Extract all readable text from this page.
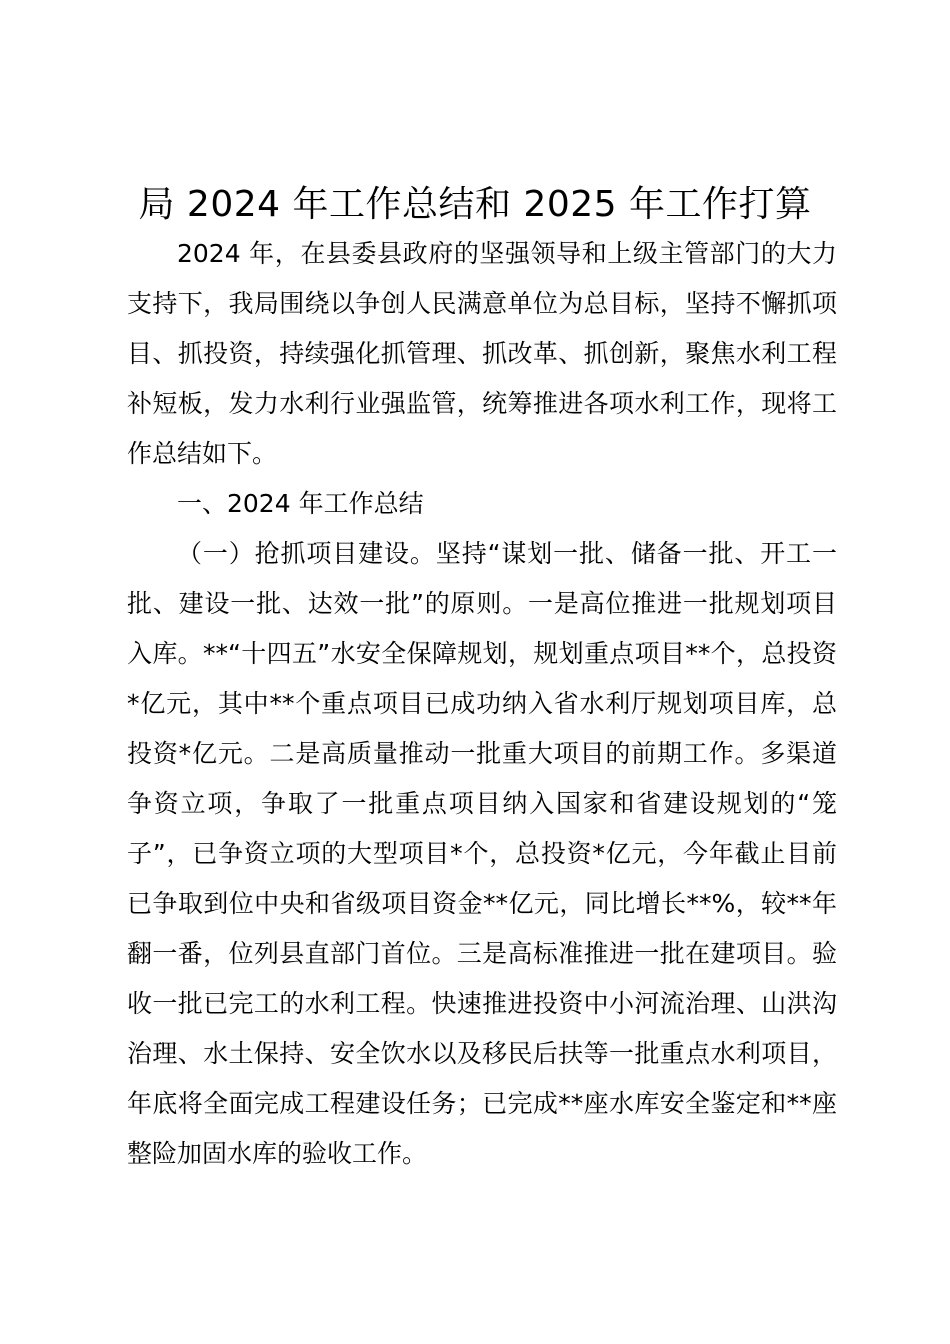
局 2024 年工作总结和 2025 年工作打算

2024 年，在县委县政府的坚强领导和上级主管部门的大力支持下，我局围绕以争创人民满意单位为总目标，坚持不懈抓项目、抓投资，持续强化抓管理、抓改革、抓创新，聚焦水利工程补短板，发力水利行业强监管，统筹推进各项水利工作，现将工作总结如下。

一、2024 年工作总结

（一）抢抓项目建设。坚持“谋划一批、储备一批、开工一批、建设一批、达效一批”的原则。一是高位推进一批规划项目入库。**“十四五”水安全保障规划，规划重点项目**个，总投资*亿元，其中**个重点项目已成功纳入省水利厅规划项目库，总投资*亿元。二是高质量推动一批重大项目的前期工作。多渠道争资立项，争取了一批重点项目纳入国家和省建设规划的“笼子”，已争资立项的大型项目*个，总投资*亿元，今年截止目前已争取到位中央和省级项目资金**亿元，同比增长**%，较**年翻一番，位列县直部门首位。三是高标准推进一批在建项目。验收一批已完工的水利工程。快速推进投资中小河流治理、山洪沟治理、水土保持、安全饮水以及移民后扶等一批重点水利项目，年底将全面完成工程建设任务；已完成**座水库安全鉴定和**座整险加固水库的验收工作。
